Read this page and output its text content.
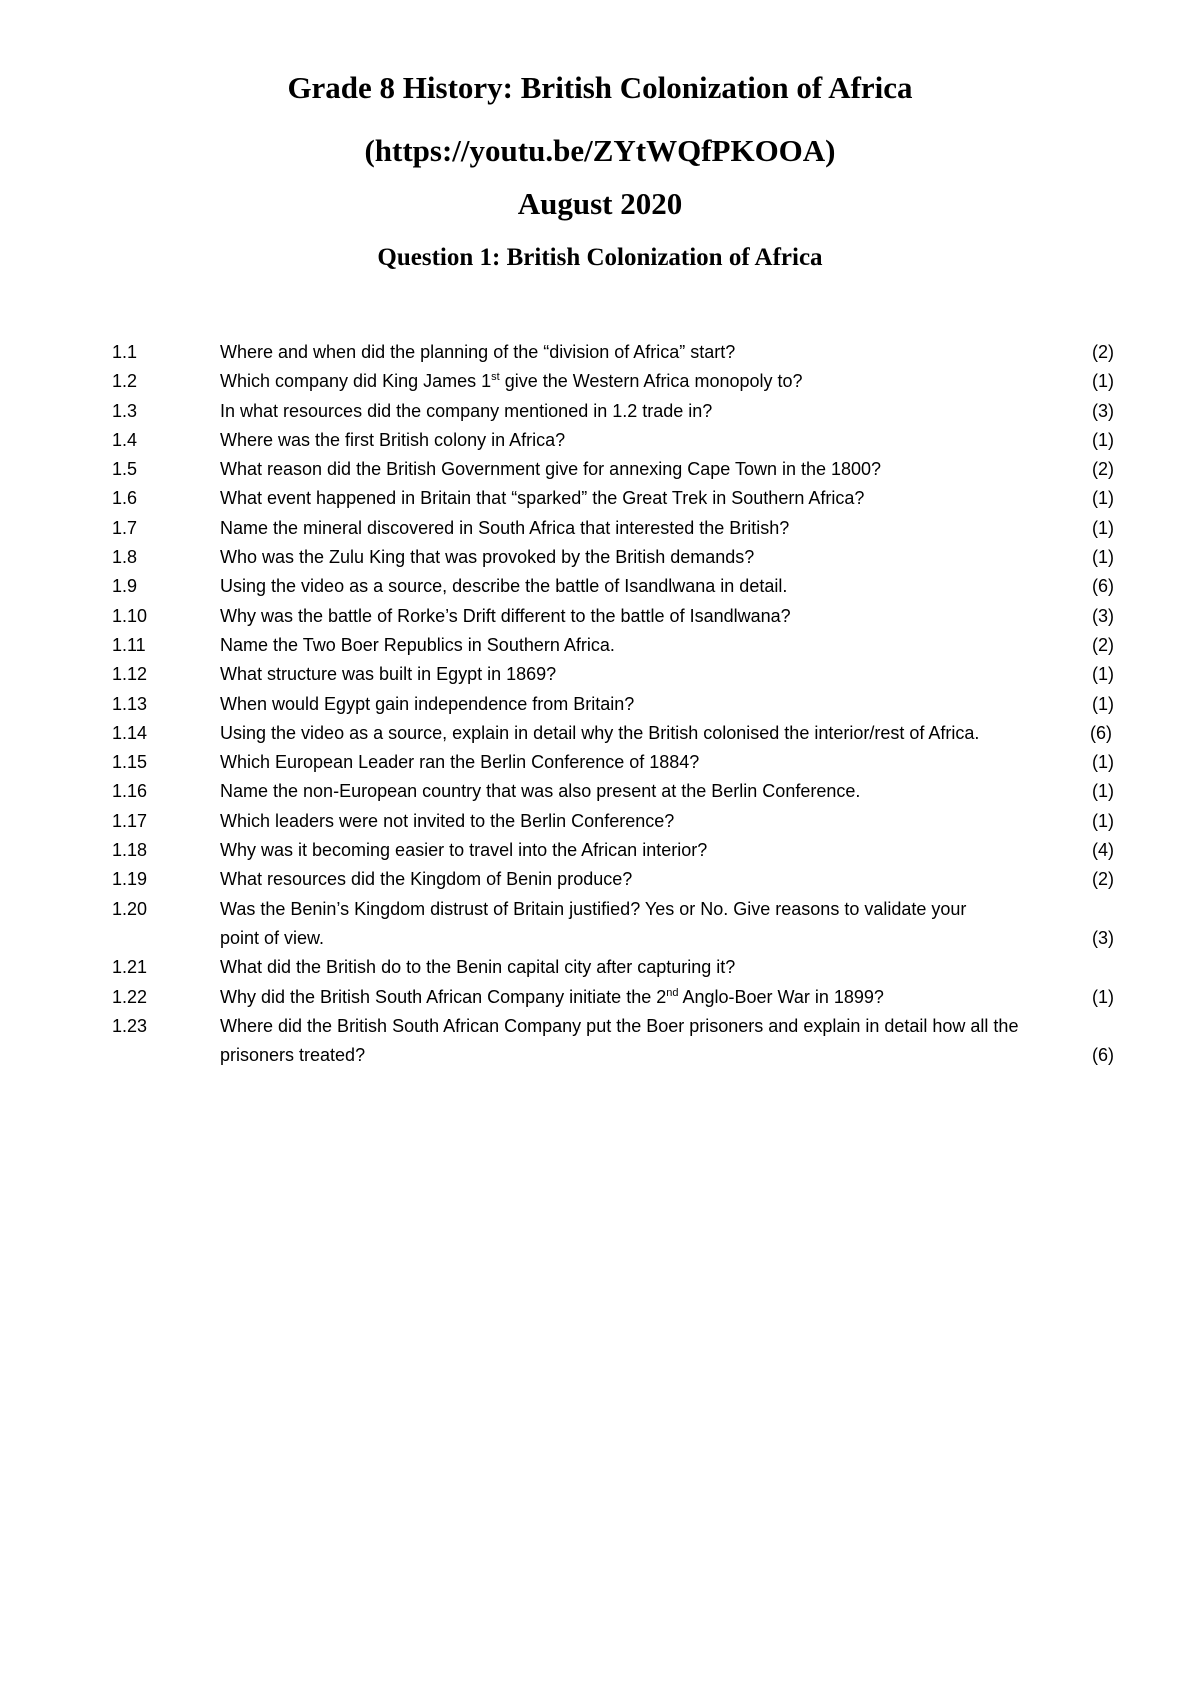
Grade 8 History: British Colonization of Africa
(https://youtu.be/ZYtWQfPKOOA)
August 2020
Question 1: British Colonization of Africa
1.1	Where and when did the planning of the “division of Africa” start?	(2)
1.2	Which company did King James 1st give the Western Africa monopoly to?	(1)
1.3	In what resources did the company mentioned in 1.2 trade in?	(3)
1.4	Where was the first British colony in Africa?	(1)
1.5	What reason did the British Government give for annexing Cape Town in the 1800?	(2)
1.6	What event happened in Britain that “sparked” the Great Trek in Southern Africa?	(1)
1.7	Name the mineral discovered in South Africa that interested the British?	(1)
1.8	Who was the Zulu King that was provoked by the British demands?	(1)
1.9	Using the video as a source, describe the battle of Isandlwana in detail.	(6)
1.10	Why was the battle of Rorke’s Drift different to the battle of Isandlwana?	(3)
1.11	Name the Two Boer Republics in Southern Africa.	(2)
1.12	What structure was built in Egypt in 1869?	(1)
1.13	When would Egypt gain independence from Britain?	(1)
1.14	Using the video as a source, explain in detail why the British colonised the interior/rest of Africa.	(6)
1.15	Which European Leader ran the Berlin Conference of 1884?	(1)
1.16	Name the non-European country that was also present at the Berlin Conference.	(1)
1.17	Which leaders were not invited to the Berlin Conference?	(1)
1.18	Why was it becoming easier to travel into the African interior?	(4)
1.19	What resources did the Kingdom of Benin produce?	(2)
1.20	Was the Benin’s Kingdom distrust of Britain justified? Yes or No. Give reasons to validate your
point of view.	(3)
1.21	What did the British do to the Benin capital city after capturing it?
1.22	Why did the British South African Company initiate the 2nd Anglo-Boer War in 1899?	(1)
1.23	Where did the British South African Company put the Boer prisoners and explain in detail how all the
prisoners treated?	(6)
